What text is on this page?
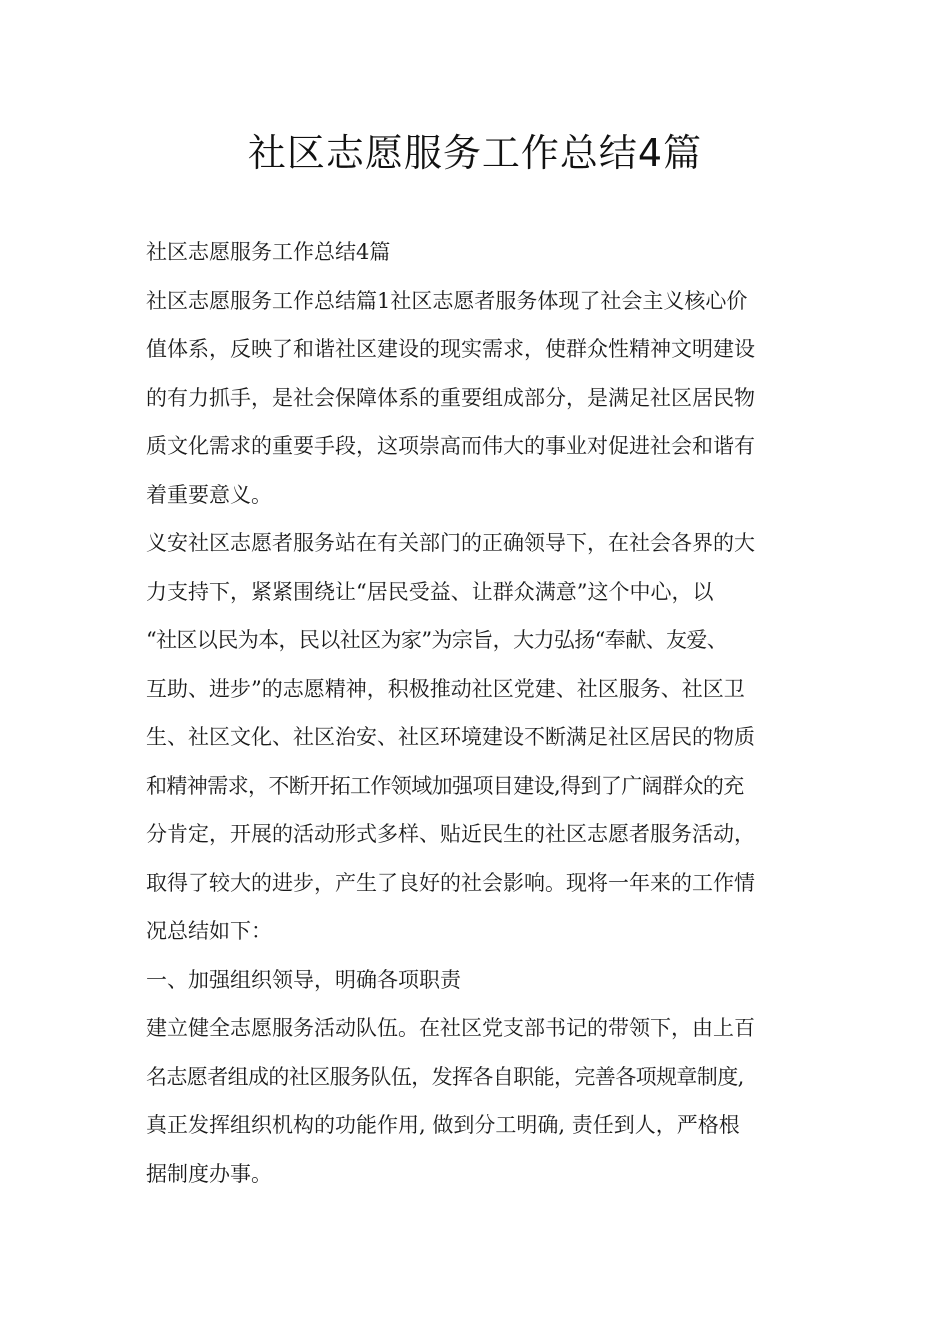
社区志愿服务工作总结4篇
社区志愿服务工作总结4篇
社区志愿服务工作总结篇1社区志愿者服务体现了社会主义核心价
值体系，反映了和谐社区建设的现实需求，使群众性精神文明建设
的有力抓手，是社会保障体系的重要组成部分，是满足社区居民物
质文化需求的重要手段，这项崇高而伟大的事业对促进社会和谐有
着重要意义。
义安社区志愿者服务站在有关部门的正确领导下，在社会各界的大
力支持下，紧紧围绕让“居民受益、让群众满意”这个中心，以
“社区以民为本，民以社区为家”为宗旨，大力弘扬“奉献、友爱、
互助、进步”的志愿精神，积极推动社区党建、社区服务、社区卫
生、社区文化、社区治安、社区环境建设不断满足社区居民的物质
和精神需求，不断开拓工作领域加强项目建设,得到了广阔群众的充
分肯定，开展的活动形式多样、贴近民生的社区志愿者服务活动，
取得了较大的进步，产生了良好的社会影响。现将一年来的工作情
况总结如下：
一、加强组织领导，明确各项职责
建立健全志愿服务活动队伍。在社区党支部书记的带领下，由上百
名志愿者组成的社区服务队伍，发挥各自职能，完善各项规章制度,
真正发挥组织机构的功能作用, 做到分工明确, 责任到人，严格根
据制度办事。
